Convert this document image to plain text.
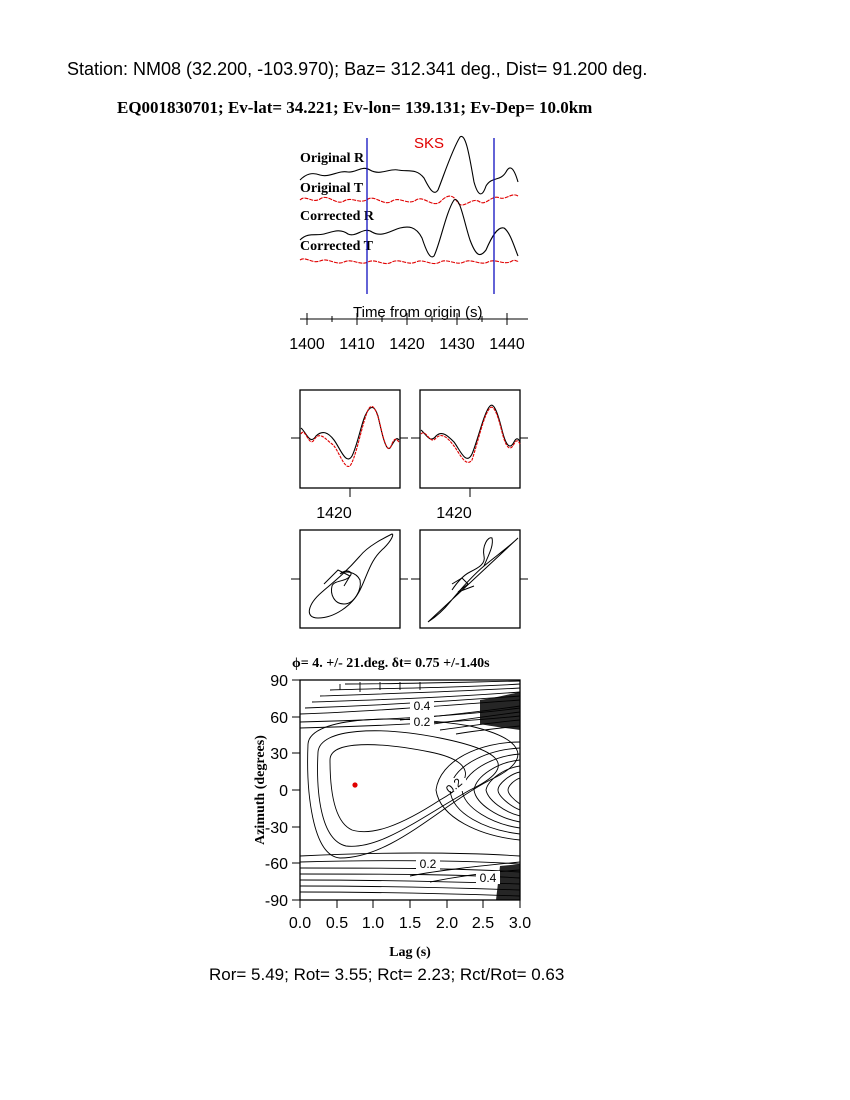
Station: NM08 (32.200, -103.970); Baz= 312.341 deg., Dist= 91.200 deg.
EQ001830701; Ev-lat= 34.221; Ev-lon= 139.131; Ev-Dep= 10.0km
SKS
Original R
Original T
Corrected R
Corrected T
Time from origin (s)
1400 1410 1420 1430 1440
1420	1420
ϕ= 4. +/- 21.deg. δt= 0.75 +/-1.40s
0.4
0.2
0.2
0.2
0.4
90
60
30
0
-30
-60
-90
0.0 0.5 1.0 1.5 2.0 2.5 3.0
Azimuth (degrees)
Lag (s)
Ror= 5.49; Rot= 3.55; Rct= 2.23; Rct/Rot= 0.63
